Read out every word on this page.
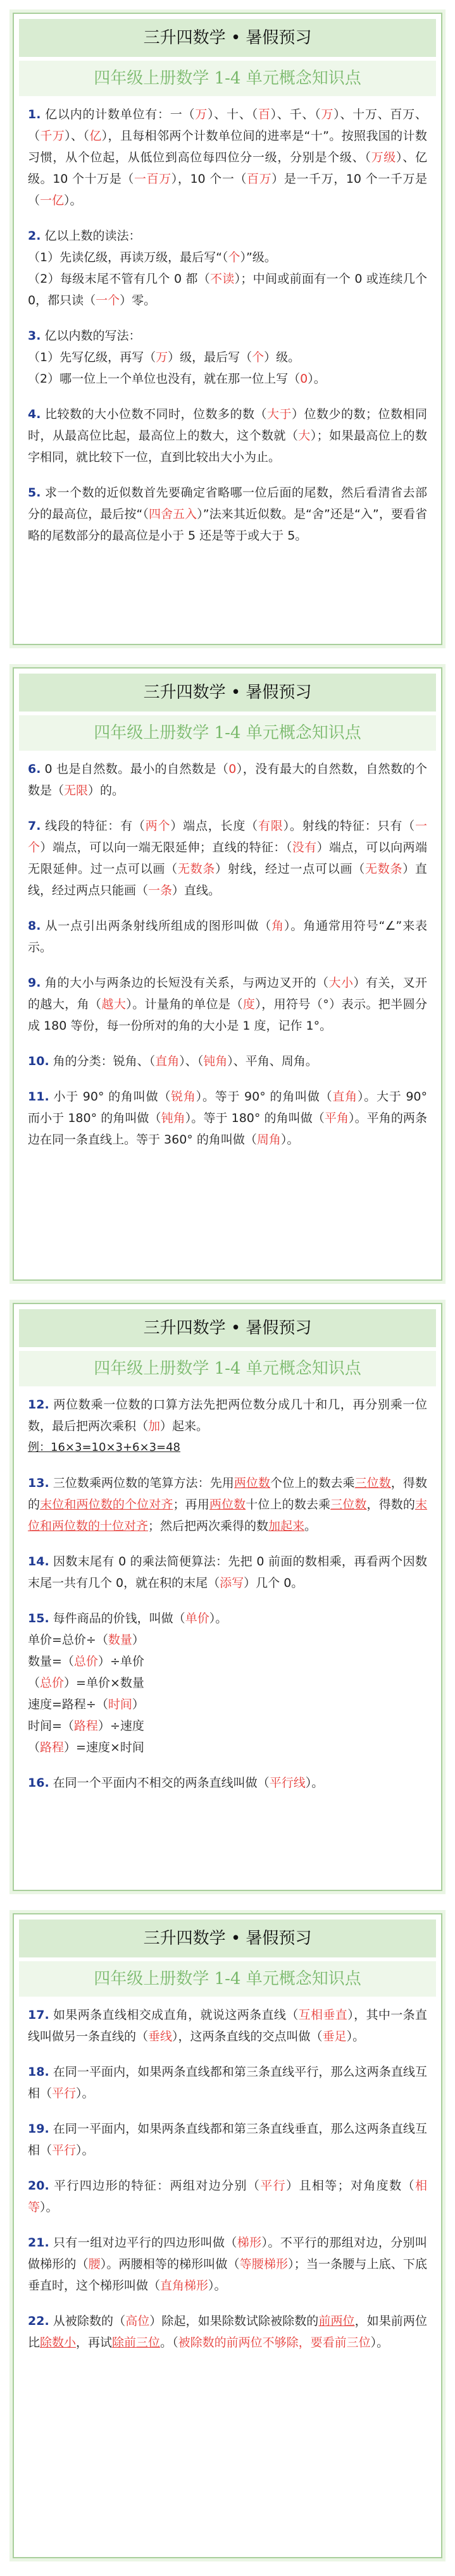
三升四数学 • 暑假预习
四年级上册数学 1-4 单元概念知识点
1. 亿以内的计数单位有：一（万）、十、（百）、千、（万）、十万、百万、（千万）、（亿），且每相邻两个计数单位间的进率是“十”。按照我国的计数习惯，从个位起，从低位到高位每四位分一级，分别是个级、（万级）、亿级。10 个十万是（一百万），10 个一（百万）是一千万，10 个一千万是（一亿）。
2. 亿以上数的读法：
（1）先读亿级，再读万级，最后写“（个）”级。
（2）每级末尾不管有几个 0 都（不读）；中间或前面有一个 0 或连续几个 0，都只读（一个）零。
3. 亿以内数的写法：
（1）先写亿级，再写（万）级，最后写（个）级。
（2）哪一位上一个单位也没有，就在那一位上写（0）。
4. 比较数的大小位数不同时，位数多的数（大于）位数少的数；位数相同时，从最高位比起，最高位上的数大，这个数就（大）；如果最高位上的数字相同，就比较下一位，直到比较出大小为止。
5. 求一个数的近似数首先要确定省略哪一位后面的尾数，然后看清省去部分的最高位，最后按“（四舍五入）”法来其近似数。是“舍”还是“入”，要看省略的尾数部分的最高位是小于 5 还是等于或大于 5。
三升四数学 • 暑假预习
四年级上册数学 1-4 单元概念知识点
6. 0 也是自然数。最小的自然数是（0），没有最大的自然数，自然数的个数是（无限）的。
7. 线段的特征：有（两个）端点，长度（有限）。射线的特征：只有（一个）端点，可以向一端无限延伸；直线的特征：（没有）端点，可以向两端无限延伸。过一点可以画（无数条）射线，经过一点可以画（无数条）直线，经过两点只能画（一条）直线。
8. 从一点引出两条射线所组成的图形叫做（角）。角通常用符号“∠”来表示。
9. 角的大小与两条边的长短没有关系，与两边叉开的（大小）有关，叉开的越大，角（越大）。计量角的单位是（度），用符号（°）表示。把半圆分成 180 等份，每一份所对的角的大小是 1 度，记作 1°。
10. 角的分类：锐角、（直角）、（钝角）、平角、周角。
11. 小于 90° 的角叫做（锐角）。等于 90° 的角叫做（直角）。大于 90° 而小于 180° 的角叫做（钝角）。等于 180° 的角叫做（平角）。平角的两条边在同一条直线上。等于 360° 的角叫做（周角）。
三升四数学 • 暑假预习
四年级上册数学 1-4 单元概念知识点
12. 两位数乘一位数的口算方法先把两位数分成几十和几，再分别乘一位数，最后把两次乘积（加）起来。
例：16×3=10×3+6×3=48
13. 三位数乘两位数的笔算方法：先用两位数个位上的数去乘三位数，得数的末位和两位数的个位对齐；再用两位数十位上的数去乘三位数，得数的末位和两位数的十位对齐；然后把两次乘得的数加起来。
14. 因数末尾有 0 的乘法简便算法：先把 0 前面的数相乘，再看两个因数末尾一共有几个 0，就在积的末尾（添写）几个 0。
15. 每件商品的价钱，叫做（单价）。
单价=总价÷（数量）
数量=（总价）÷单价
（总价）=单价×数量
速度=路程÷（时间）
时间=（路程）÷速度
（路程）=速度×时间
16. 在同一个平面内不相交的两条直线叫做（平行线）。
三升四数学 • 暑假预习
四年级上册数学 1-4 单元概念知识点
17. 如果两条直线相交成直角，就说这两条直线（互相垂直），其中一条直线叫做另一条直线的（垂线），这两条直线的交点叫做（垂足）。
18. 在同一平面内，如果两条直线都和第三条直线平行，那么这两条直线互相（平行）。
19. 在同一平面内，如果两条直线都和第三条直线垂直，那么这两条直线互相（平行）。
20. 平行四边形的特征：两组对边分别（平行）且相等；对角度数（相等）。
21. 只有一组对边平行的四边形叫做（梯形）。不平行的那组对边，分别叫做梯形的（腰）。两腰相等的梯形叫做（等腰梯形）；当一条腰与上底、下底垂直时，这个梯形叫做（直角梯形）。
22. 从被除数的（高位）除起，如果除数试除被除数的前两位，如果前两位比除数小，再试除前三位。（被除数的前两位不够除，要看前三位）。
